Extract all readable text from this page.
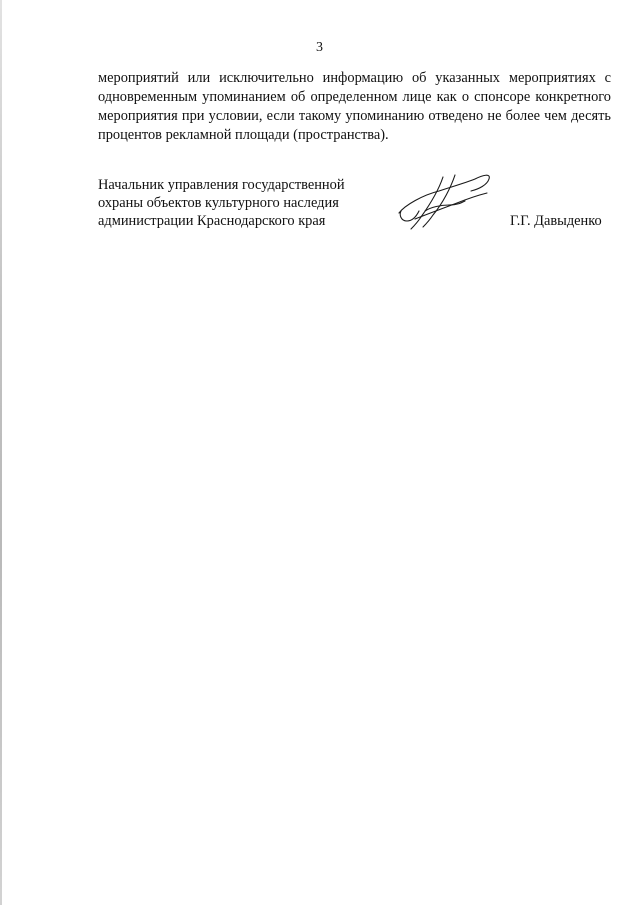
3

мероприятий или исключительно информацию об указанных мероприятиях с одновременным упоминанием об определенном лице как о спонсоре конкретного мероприятия при условии, если такому упоминанию отведено не более чем десять процентов рекламной площади (пространства).

Начальник управления государственной
охраны объектов культурного наследия
администрации Краснодарского края	Г.Г. Давыденко
